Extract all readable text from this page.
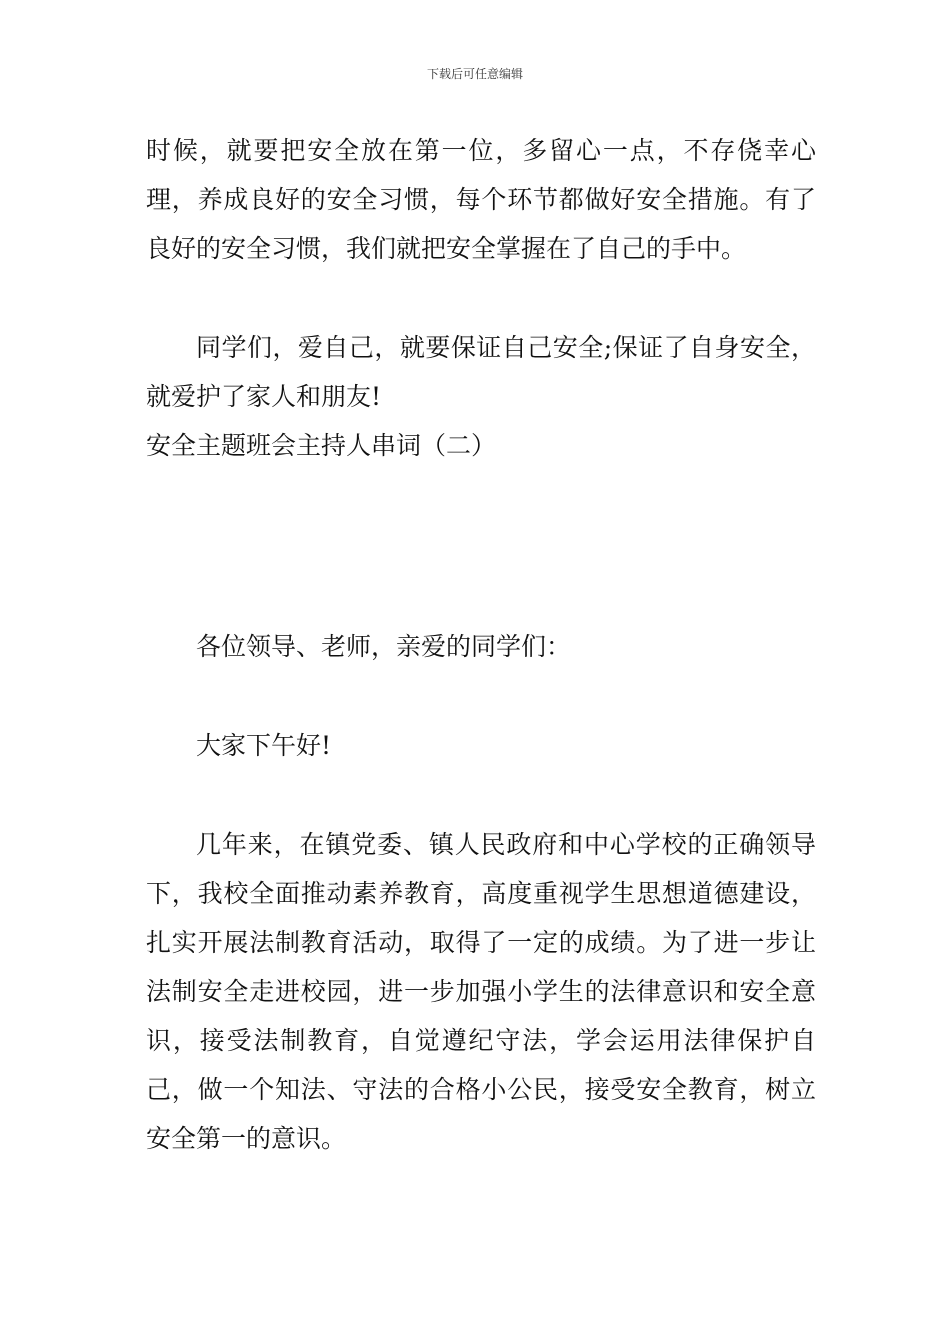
下载后可任意编辑

时候，就要把安全放在第一位，多留心一点，不存侥幸心理，养成良好的安全习惯，每个环节都做好安全措施。有了良好的安全习惯，我们就把安全掌握在了自己的手中。

同学们，爱自己，就要保证自己安全;保证了自身安全，就爱护了家人和朋友!

安全主题班会主持人串词（二）

各位领导、老师，亲爱的同学们：

大家下午好!

几年来，在镇党委、镇人民政府和中心学校的正确领导下，我校全面推动素养教育，高度重视学生思想道德建设，扎实开展法制教育活动，取得了一定的成绩。为了进一步让法制安全走进校园，进一步加强小学生的法律意识和安全意识，接受法制教育，自觉遵纪守法，学会运用法律保护自己，做一个知法、守法的合格小公民，接受安全教育，树立安全第一的意识。
